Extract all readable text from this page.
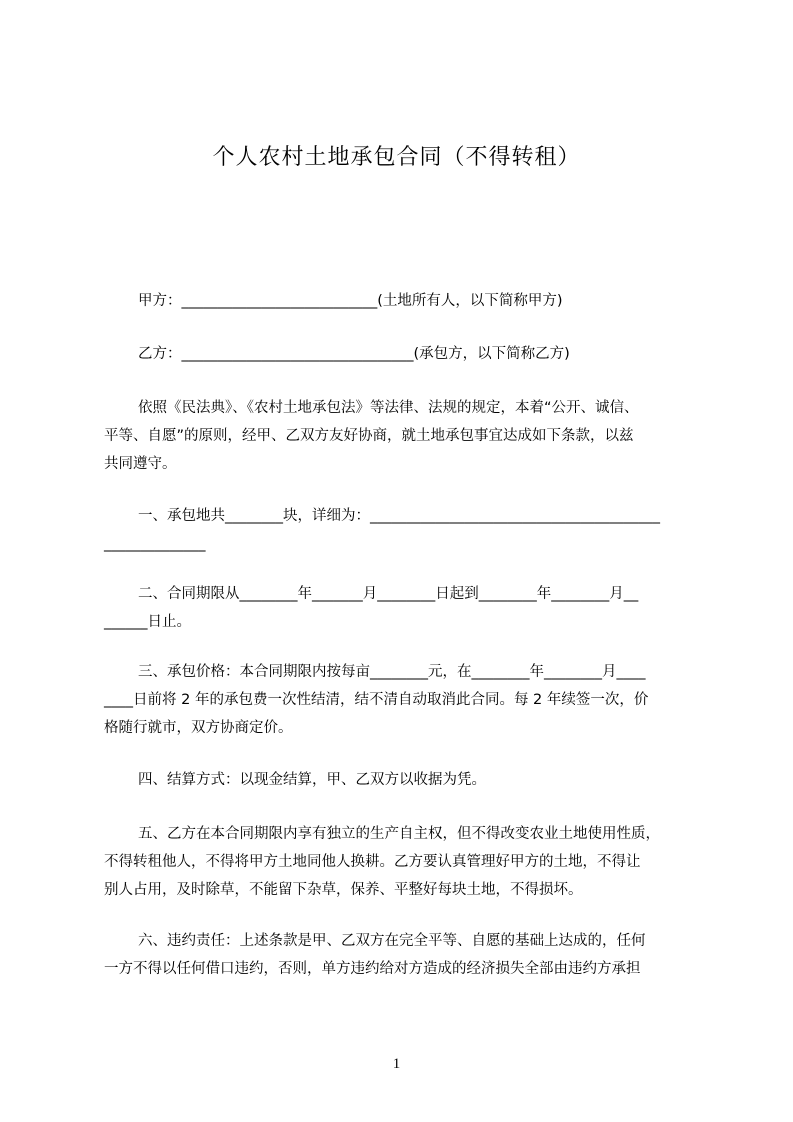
个人农村土地承包合同（不得转租）
甲方：___________________________(土地所有人，以下简称甲方)
乙方：________________________________(承包方，以下简称乙方)
依照《民法典》、《农村土地承包法》等法律、法规的规定，本着“公开、诚信、
平等、自愿”的原则，经甲、乙双方友好协商，就土地承包事宜达成如下条款，以兹
共同遵守。
一、承包地共________块，详细为：________________________________________
______________
二、合同期限从________年_______月________日起到________年________月__
______日止。
三、承包价格：本合同期限内按每亩________元，在________年________月____
____日前将 2 年的承包费一次性结清，结不清自动取消此合同。每 2 年续签一次，价
格随行就市，双方协商定价。
四、结算方式：以现金结算，甲、乙双方以收据为凭。
五、乙方在本合同期限内享有独立的生产自主权，但不得改变农业土地使用性质，
不得转租他人，不得将甲方土地同他人换耕。乙方要认真管理好甲方的土地，不得让
别人占用，及时除草，不能留下杂草，保养、平整好每块土地，不得损坏。
六、违约责任：上述条款是甲、乙双方在完全平等、自愿的基础上达成的，任何
一方不得以任何借口违约，否则，单方违约给对方造成的经济损失全部由违约方承担
1
